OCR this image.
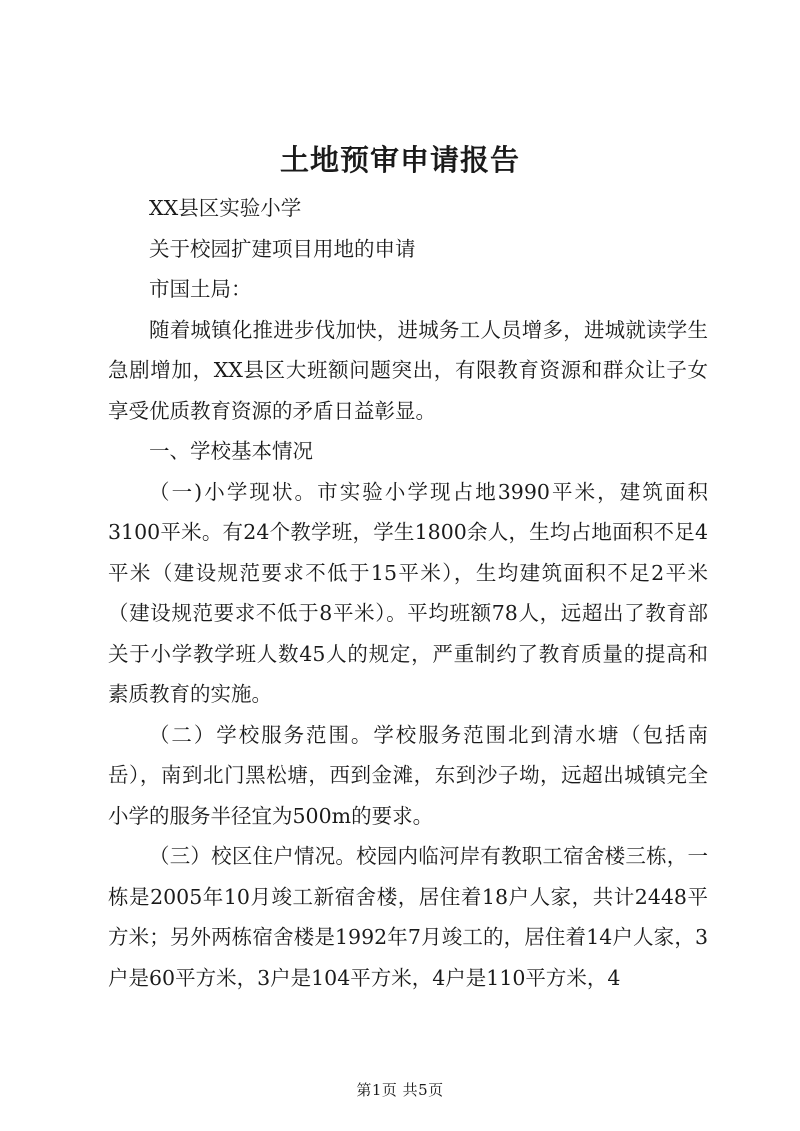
土地预审申请报告

XX县区实验小学

关于校园扩建项目用地的申请

市国土局：

随着城镇化推进步伐加快，进城务工人员增多，进城就读学生急剧增加，XX县区大班额问题突出，有限教育资源和群众让子女享受优质教育资源的矛盾日益彰显。

一、学校基本情况

（一)小学现状。市实验小学现占地3990平米，建筑面积3100平米。有24个教学班，学生1800余人，生均占地面积不足4平米（建设规范要求不低于15平米），生均建筑面积不足2平米（建设规范要求不低于8平米）。平均班额78人，远超出了教育部关于小学教学班人数45人的规定，严重制约了教育质量的提高和素质教育的实施。

（二）学校服务范围。学校服务范围北到清水塘（包括南岳），南到北门黑松塘，西到金滩，东到沙子坳，远超出城镇完全小学的服务半径宜为500m的要求。

（三）校区住户情况。校园内临河岸有教职工宿舍楼三栋，一栋是2005年10月竣工新宿舍楼，居住着18户人家，共计2448平方米；另外两栋宿舍楼是1992年7月竣工的，居住着14户人家，3户是60平方米，3户是104平方米，4户是110平方米，4

第1页 共5页
